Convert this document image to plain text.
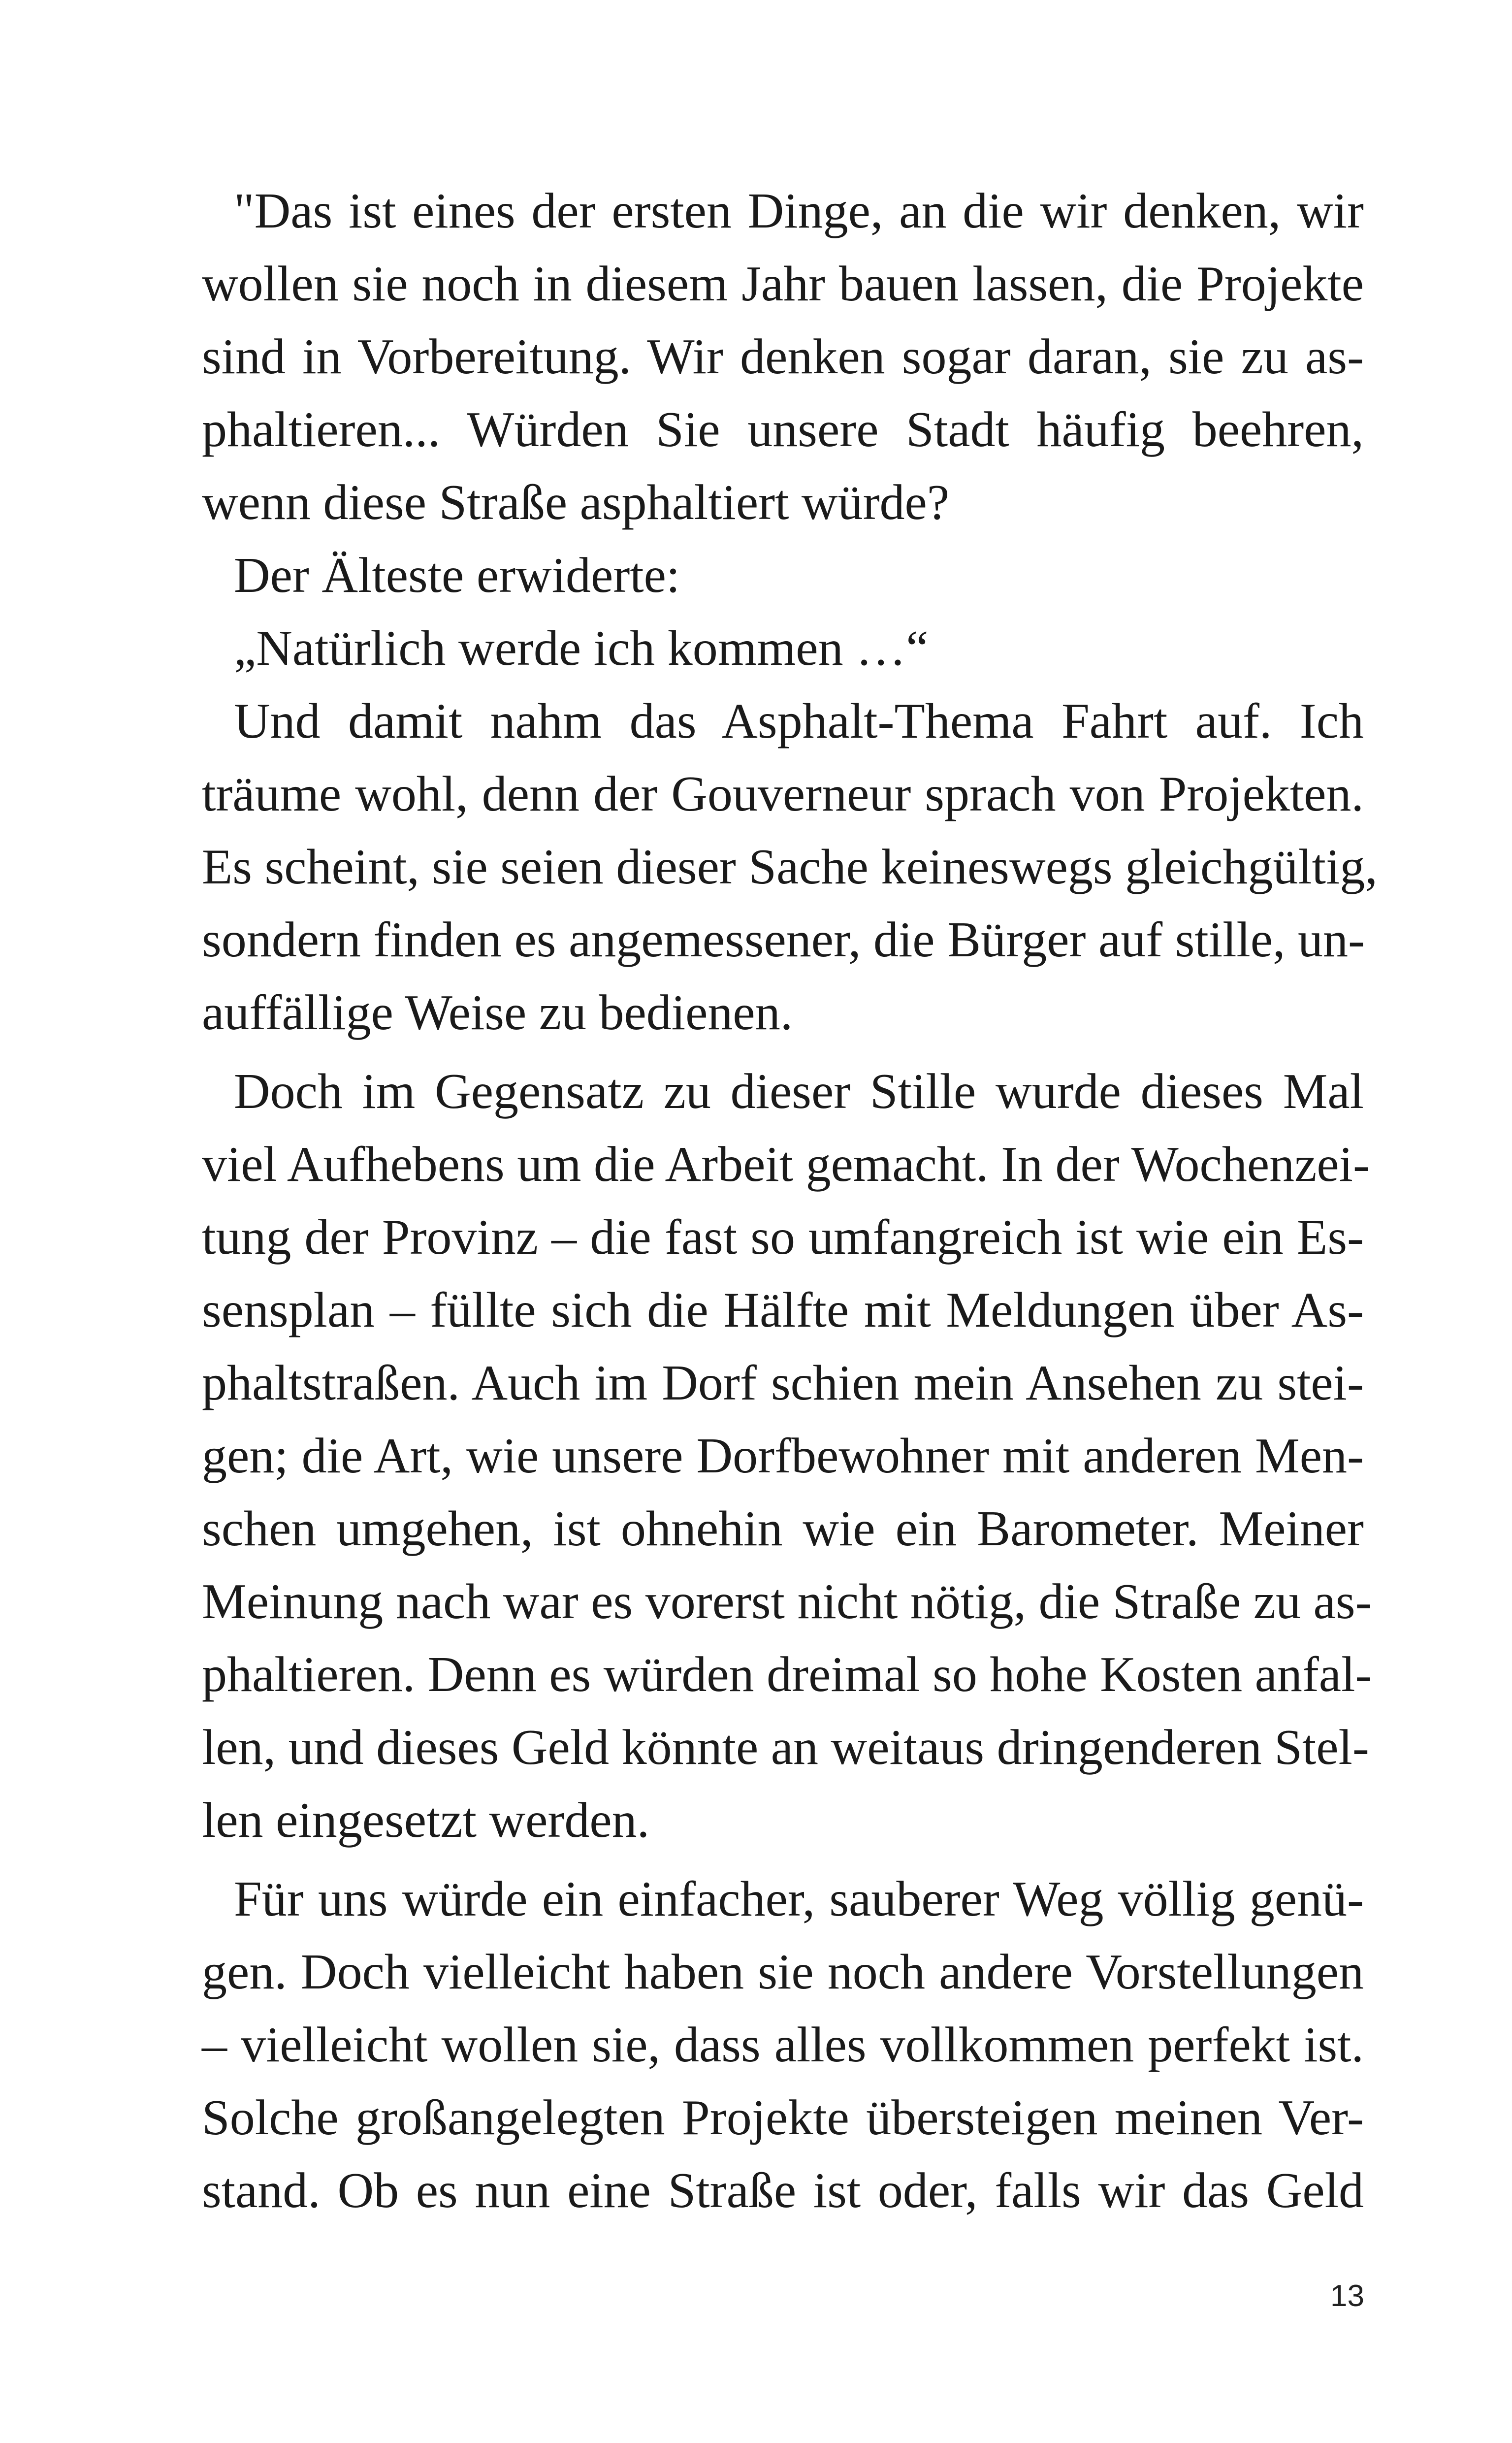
"Das ist eines der ersten Dinge, an die wir denken, wir
wollen sie noch in diesem Jahr bauen lassen, die Projekte
sind in Vorbereitung. Wir denken sogar daran, sie zu as-
phaltieren... Würden Sie unsere Stadt häufig beehren,
wenn diese Straße asphaltiert würde?
Der Älteste erwiderte:
„Natürlich werde ich kommen …“
Und damit nahm das Asphalt-Thema Fahrt auf. Ich
träume wohl, denn der Gouverneur sprach von Projekten.
Es scheint, sie seien dieser Sache keineswegs gleichgültig,
sondern finden es angemessener, die Bürger auf stille, un-
auffällige Weise zu bedienen.
Doch im Gegensatz zu dieser Stille wurde dieses Mal
viel Aufhebens um die Arbeit gemacht. In der Wochenzei-
tung der Provinz – die fast so umfangreich ist wie ein Es-
sensplan – füllte sich die Hälfte mit Meldungen über As-
phaltstraßen. Auch im Dorf schien mein Ansehen zu stei-
gen; die Art, wie unsere Dorfbewohner mit anderen Men-
schen umgehen, ist ohnehin wie ein Barometer. Meiner
Meinung nach war es vorerst nicht nötig, die Straße zu as-
phaltieren. Denn es würden dreimal so hohe Kosten anfal-
len, und dieses Geld könnte an weitaus dringenderen Stel-
len eingesetzt werden.
Für uns würde ein einfacher, sauberer Weg völlig genü-
gen. Doch vielleicht haben sie noch andere Vorstellungen
– vielleicht wollen sie, dass alles vollkommen perfekt ist.
Solche großangelegten Projekte übersteigen meinen Ver-
stand. Ob es nun eine Straße ist oder, falls wir das Geld
13
